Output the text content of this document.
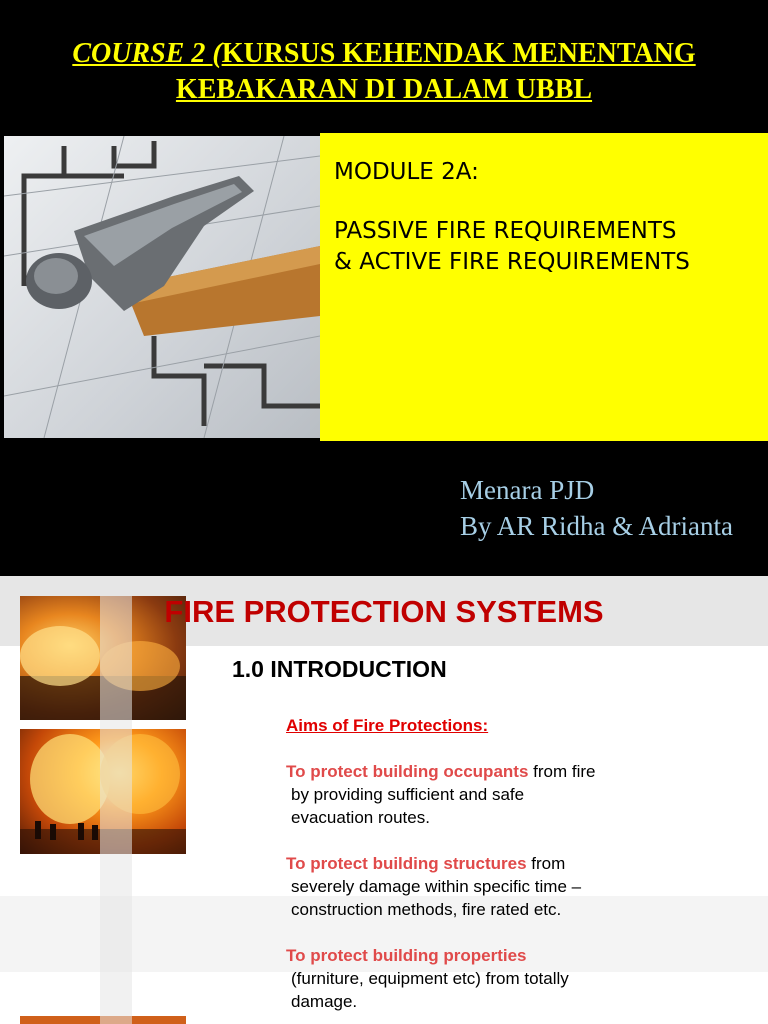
COURSE 2 (KURSUS KEHENDAK MENENTANG
KEBAKARAN DI DALAM UBBL
MODULE 2A:
PASSIVE FIRE REQUIREMENTS
& ACTIVE FIRE REQUIREMENTS
Menara PJD
By AR Ridha & Adrianta
FIRE PROTECTION SYSTEMS
1.0 INTRODUCTION
Aims of Fire Protections:
To protect building occupants from fire
by providing sufficient and safe
evacuation routes.
To protect building structures from
severely damage within specific time –
construction methods, fire rated etc.
To protect building properties
(furniture, equipment etc) from totally
damage.
